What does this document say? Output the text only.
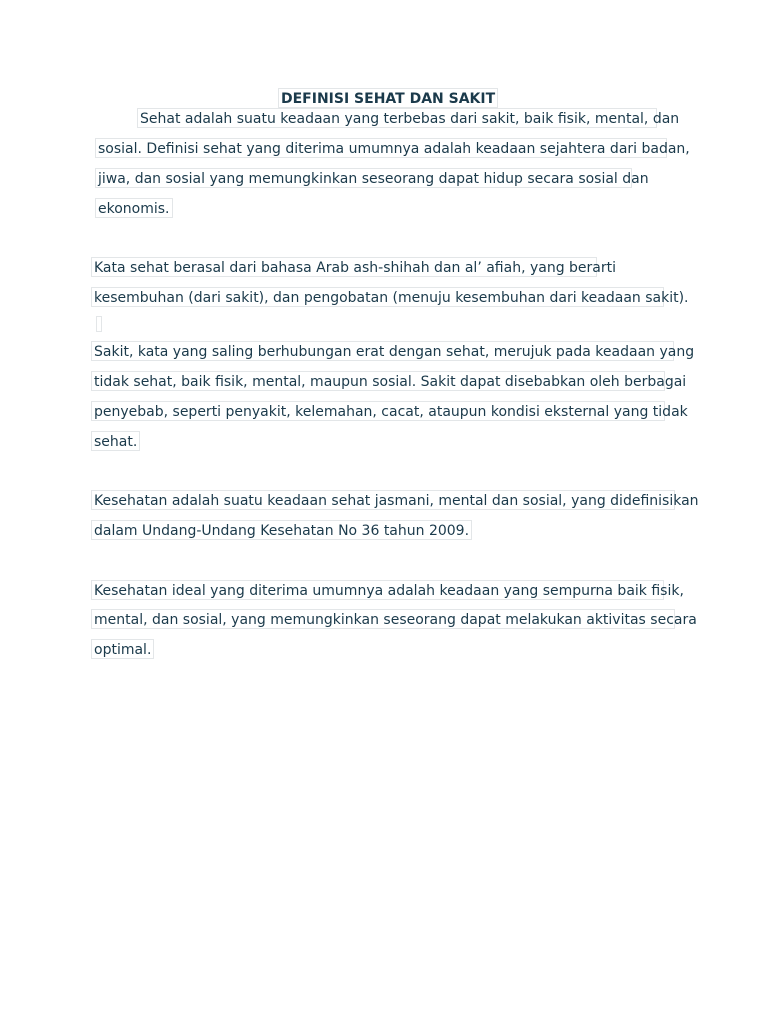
DEFINISI SEHAT DAN SAKIT
Sehat adalah suatu keadaan yang terbebas dari sakit, baik fisik, mental, dan
sosial. Definisi sehat yang diterima umumnya adalah keadaan sejahtera dari badan,
jiwa, dan sosial yang memungkinkan seseorang dapat hidup secara sosial dan
ekonomis.
Kata sehat berasal dari bahasa Arab ash-shihah dan al’ afiah, yang berarti
kesembuhan (dari sakit), dan pengobatan (menuju kesembuhan dari keadaan sakit).
Sakit, kata yang saling berhubungan erat dengan sehat, merujuk pada keadaan yang
tidak sehat, baik fisik, mental, maupun sosial. Sakit dapat disebabkan oleh berbagai
penyebab, seperti penyakit, kelemahan, cacat, ataupun kondisi eksternal yang tidak
sehat.
Kesehatan adalah suatu keadaan sehat jasmani, mental dan sosial, yang didefinisikan
dalam Undang-Undang Kesehatan No 36 tahun 2009.
Kesehatan ideal yang diterima umumnya adalah keadaan yang sempurna baik fisik,
mental, dan sosial, yang memungkinkan seseorang dapat melakukan aktivitas secara
optimal.
